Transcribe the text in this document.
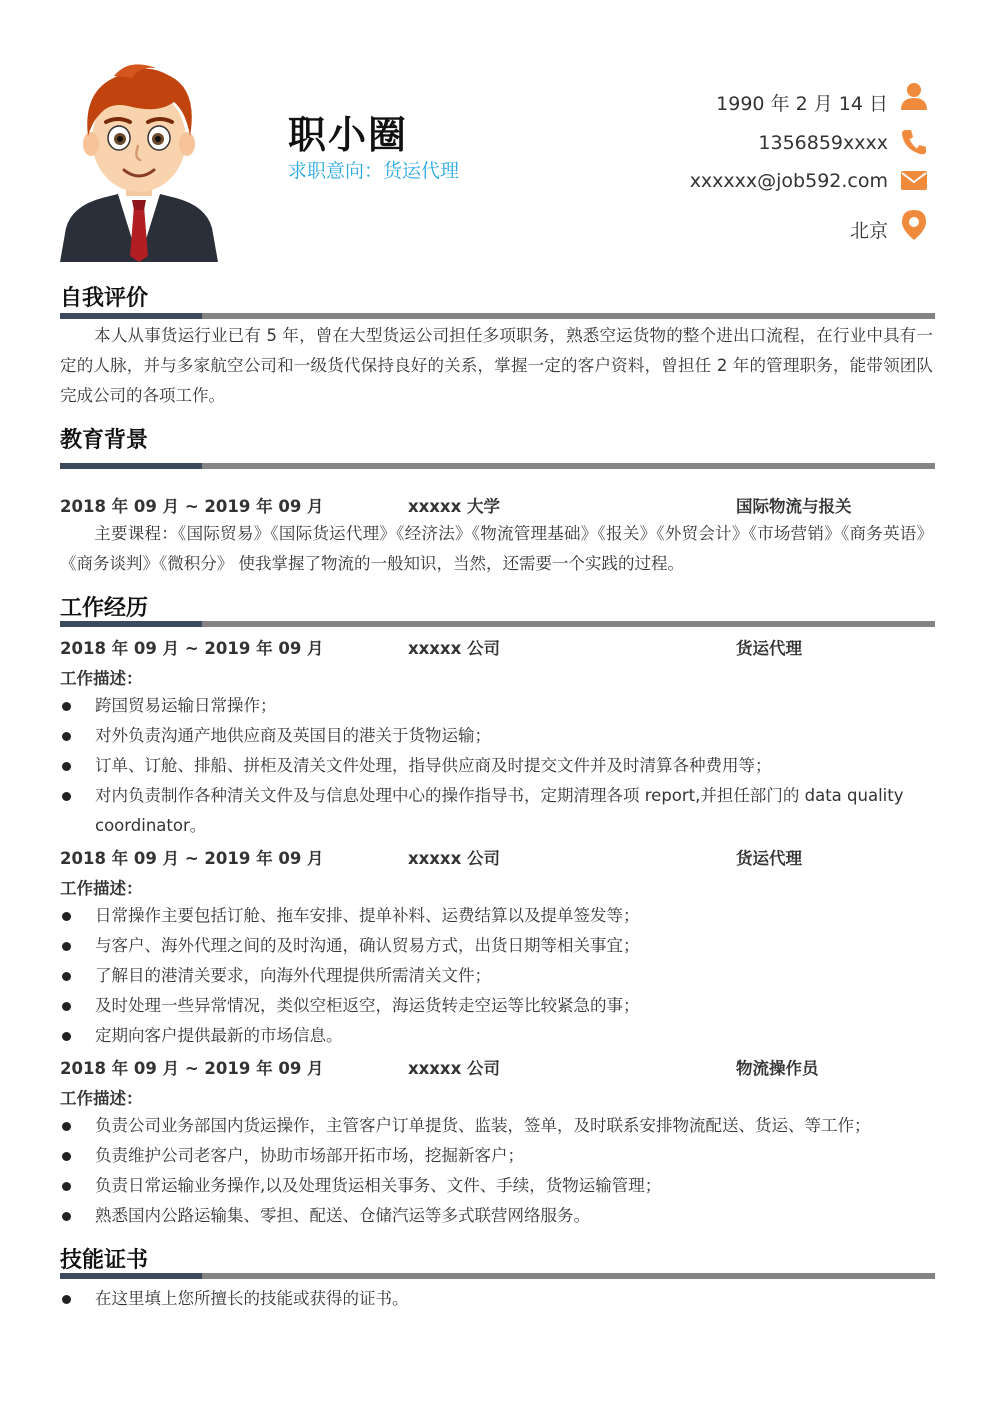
职小圈
求职意向：货运代理
1990 年 2 月 14 日
1356859xxxx
xxxxxx@job592.com
北京
自我评价
本人从事货运行业已有 5 年，曾在大型货运公司担任多项职务，熟悉空运货物的整个进出口流程，在行业中具有一定的人脉，并与多家航空公司和一级货代保持良好的关系，掌握一定的客户资料，曾担任 2 年的管理职务，能带领团队完成公司的各项工作。
教育背景
2018 年 09 月 ~ 2019 年 09 月	xxxxx 大学	国际物流与报关
主要课程：《国际贸易》《国际货运代理》《经济法》《物流管理基础》《报关》《外贸会计》《市场营销》《商务英语》《商务谈判》《微积分》 使我掌握了物流的一般知识，当然，还需要一个实践的过程。
工作经历
2018 年 09 月 ~ 2019 年 09 月	xxxxx 公司	货运代理
工作描述：
跨国贸易运输日常操作；
对外负责沟通产地供应商及英国目的港关于货物运输；
订单、订舱、排船、拼柜及清关文件处理，指导供应商及时提交文件并及时清算各种费用等；
对内负责制作各种清关文件及与信息处理中心的操作指导书，定期清理各项 report,并担任部门的 data quality coordinator。
2018 年 09 月 ~ 2019 年 09 月	xxxxx 公司	货运代理
工作描述：
日常操作主要包括订舱、拖车安排、提单补料、运费结算以及提单签发等；
与客户、海外代理之间的及时沟通，确认贸易方式，出货日期等相关事宜；
了解目的港清关要求，向海外代理提供所需清关文件；
及时处理一些异常情况，类似空柜返空，海运货转走空运等比较紧急的事；
定期向客户提供最新的市场信息。
2018 年 09 月 ~ 2019 年 09 月	xxxxx 公司	物流操作员
工作描述：
负责公司业务部国内货运操作，主管客户订单提货、监装，签单，及时联系安排物流配送、货运、等工作；
负责维护公司老客户，协助市场部开拓市场，挖掘新客户；
负责日常运输业务操作,以及处理货运相关事务、文件、手续，货物运输管理；
熟悉国内公路运输集、零担、配送、仓储汽运等多式联营网络服务。
技能证书
在这里填上您所擅长的技能或获得的证书。
